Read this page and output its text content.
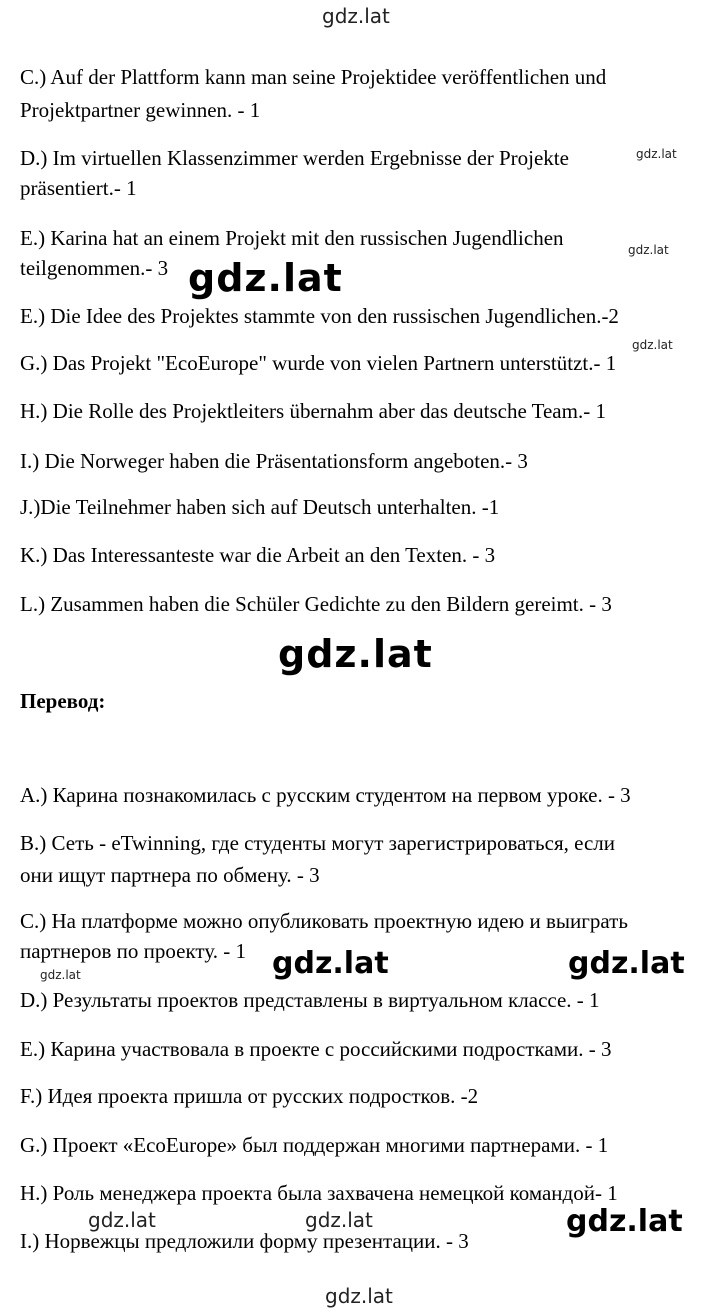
C.) Auf der Plattform kann man seine Projektidee veröffentlichen und
Projektpartner gewinnen. - 1
D.) Im virtuellen Klassenzimmer werden Ergebnisse der Projekte
präsentiert.- 1
E.) Karina hat an einem Projekt mit den russischen Jugendlichen
teilgenommen.- 3
E.) Die Idee des Projektes stammte von den russischen Jugendlichen.-2
G.) Das Projekt "EcoEurope" wurde von vielen Partnern unterstützt.- 1
H.) Die Rolle des Projektleiters übernahm aber das deutsche Team.- 1
I.) Die Norweger haben die Präsentationsform angeboten.- 3
J.)Die Teilnehmer haben sich auf Deutsch unterhalten. -1
K.) Das Interessanteste war die Arbeit an den Texten. - 3
L.) Zusammen haben die Schüler Gedichte zu den Bildern gereimt. - 3
Перевод:
A.) Карина познакомилась с русским студентом на первом уроке. - 3
B.) Сеть - eTwinning, где студенты могут зарегистрироваться, если
они ищут партнера по обмену. - 3
C.) На платформе можно опубликовать проектную идею и выиграть
партнеров по проекту. - 1
D.) Результаты проектов представлены в виртуальном классе. - 1
E.) Карина участвовала в проекте с российскими подростками. - 3
F.) Идея проекта пришла от русских подростков. -2
G.) Проект «EcoEurope» был поддержан многими партнерами. - 1
H.) Роль менеджера проекта была захвачена немецкой командой- 1
I.) Норвежцы предложили форму презентации. - 3
gdz.lat
gdz.lat
gdz.lat
gdz.lat
gdz.lat
gdz.lat
gdz.lat	gdz.lat
gdz.lat
gdz.lat	gdz.lat	gdz.lat
gdz.lat
